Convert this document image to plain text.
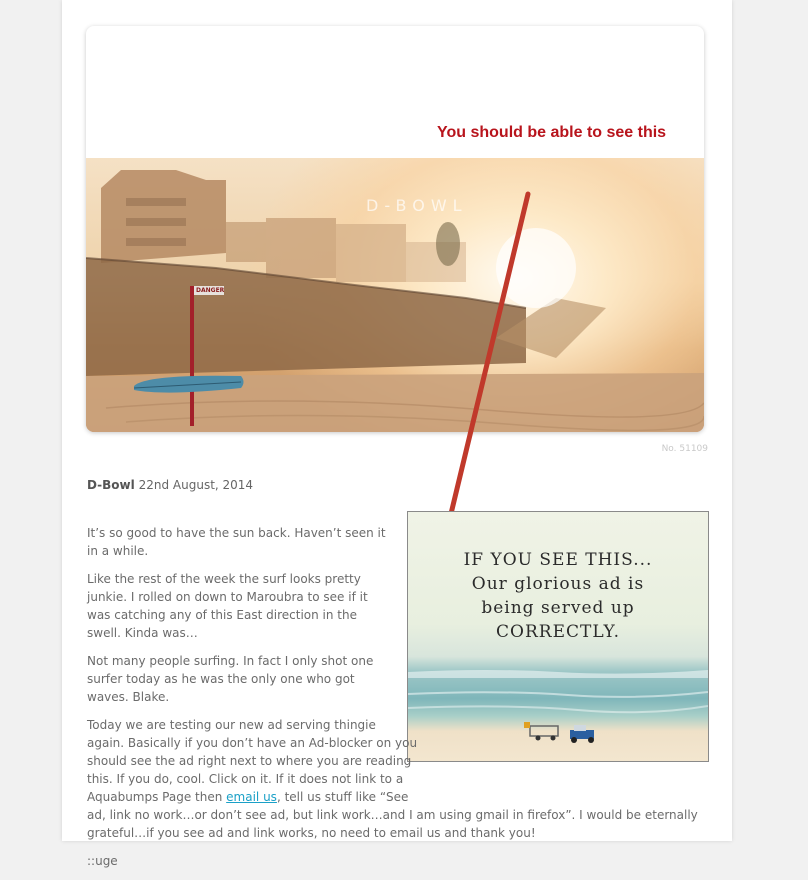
D-BOWL
DANGER
You should be able to see this
No. 51109
D-Bowl 22nd August, 2014
IF YOU SEE THIS...
Our glorious ad is
being served up
CORRECTLY.

It’s so good to have the sun back. Haven’t seen it in a while.

Like the rest of the week the surf looks pretty junkie. I rolled on down to Maroubra to see if it was catching any of this East direction in the swell. Kinda was…

Not many people surfing. In fact I only shot one surfer today as he was the only one who got waves. Blake.

Today we are testing our new ad serving thingie
again. Basically if you don’t have an Ad-blocker on you
should see the ad right next to where you are reading
this. If you do, cool. Click on it. If it does not link to a
Aquabumps Page then email us, tell us stuff like “See
ad, link no work…or don’t see ad, but link work…and I am using gmail in firefox”. I would be eternally grateful…if you see ad and link works, no need to email us and thank you!

::uge
